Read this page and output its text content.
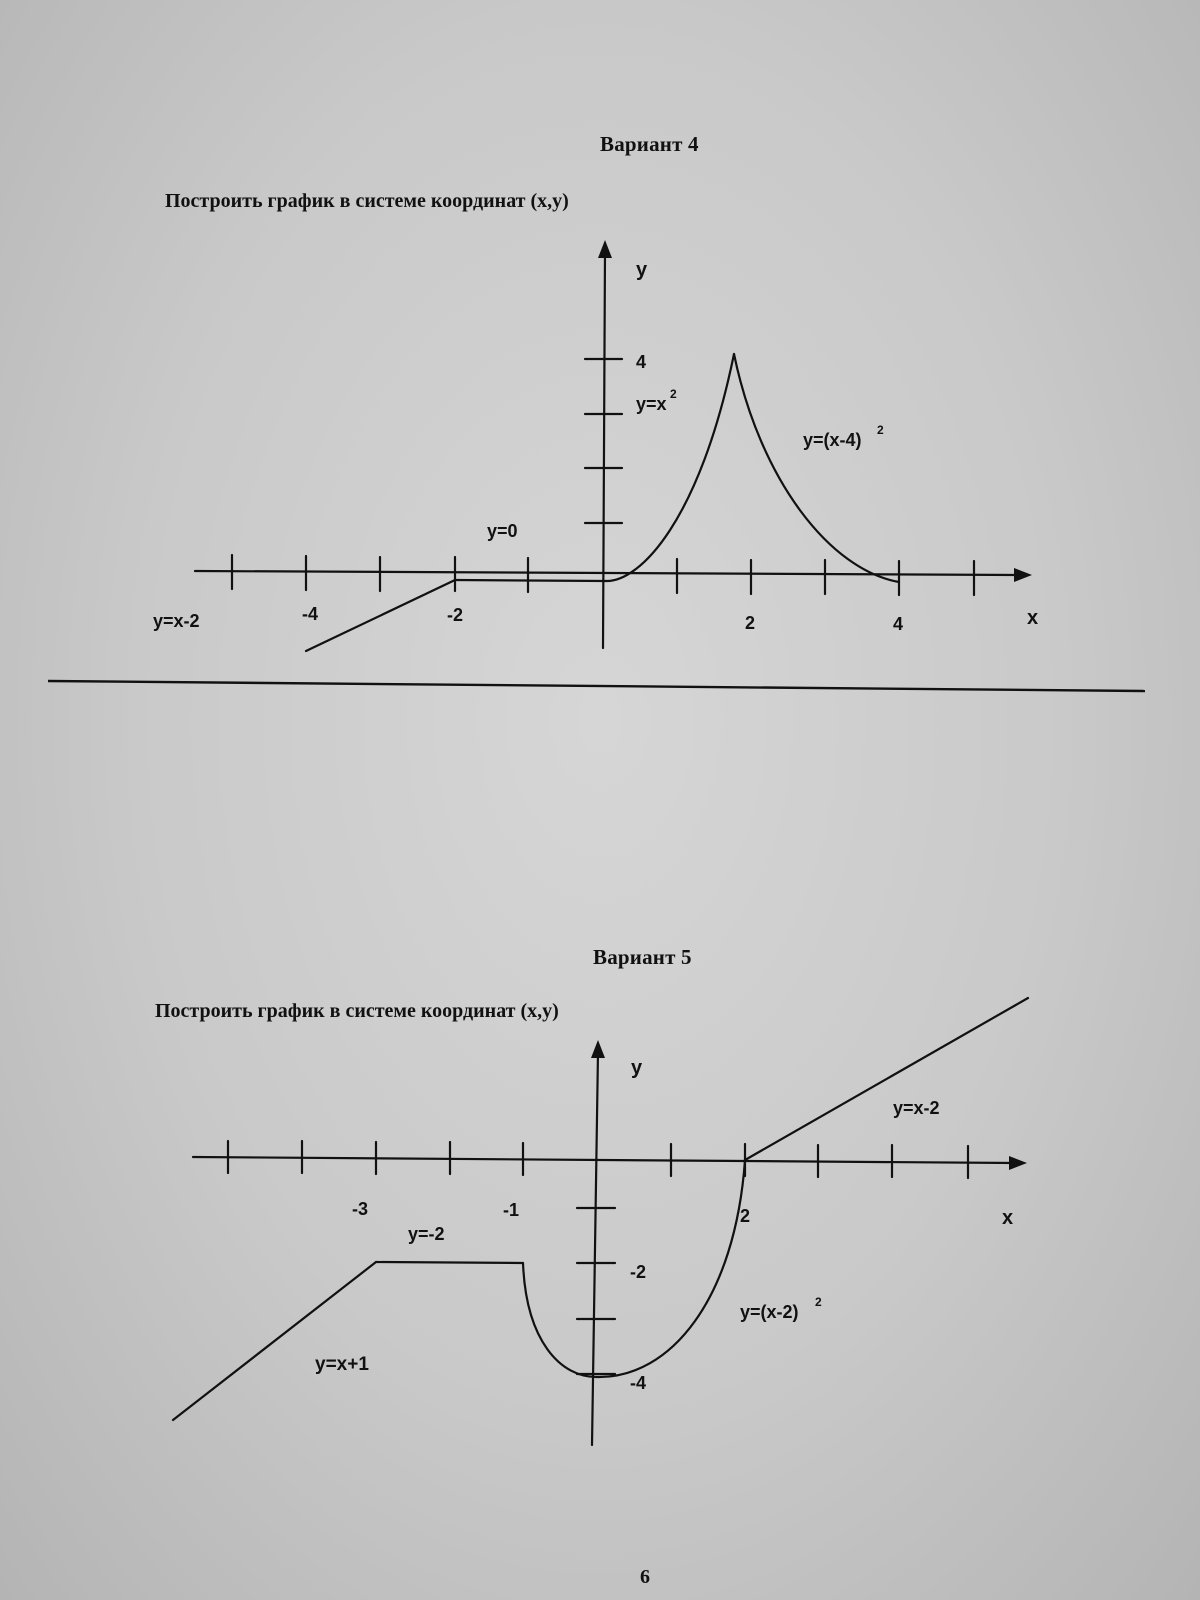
Вариант 4
Построить график в системе координат (x,y)
y
x
-4	-2	2	4
4
y=x-2
y=0
y=x 2
y=(x-4) 2
Вариант 5
Построить график в системе координат (x,y)
y
x
-3	-1	2
-2
-4
y=x-2
y=-2
y=x+1
y=(x-2) 2
6
